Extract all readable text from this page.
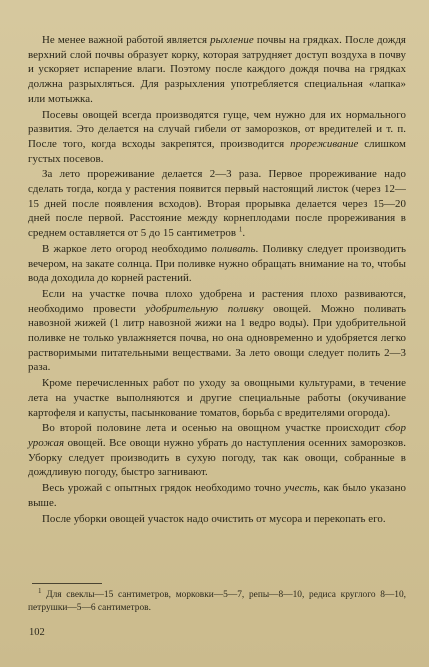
Не менее важной работой является рыхление почвы на грядках. После дождя верхний слой почвы образует корку, которая затрудняет доступ воздуха в почву и ускоряет испарение влаги. Поэтому после каждого дождя почва на грядках должна разрыхляться. Для разрыхления употребляется специальная «лапка» или мотыжка.

Посевы овощей всегда производятся гуще, чем нужно для их нормального развития. Это делается на случай гибели от заморозков, от вредителей и т. п. После того, когда всходы закрепятся, производится прореживание слишком густых посевов.

За лето прореживание делается 2—3 раза. Первое прореживание надо сделать тогда, когда у растения появится первый настоящий листок (через 12—15 дней после появления всходов). Вторая прорывка делается через 15—20 дней после первой. Расстояние между корнеплодами после прореживания в среднем оставляется от 5 до 15 сантиметров $^1$.

В жаркое лето огород необходимо поливать. Поливку следует производить вечером, на закате солнца. При поливке нужно обращать внимание на то, чтобы вода доходила до корней растений.

Если на участке почва плохо удобрена и растения плохо развиваются, необходимо провести удобрительную поливку овощей. Можно поливать навозной жижей (1 литр навозной жижи на 1 ведро воды). При удобрительной поливке не только увлажняется почва, но она одновременно и удобряется легко растворимыми питательными веществами. За лето овощи следует полить 2—3 раза.

Кроме перечисленных работ по уходу за овощными культурами, в течение лета на участке выполняются и другие специальные работы (окучивание картофеля и капусты, пасынкование томатов, борьба с вредителями огорода).

Во второй половине лета и осенью на овощном участке происходит сбор урожая овощей. Все овощи нужно убрать до наступления осенних заморозков. Уборку следует производить в сухую погоду, так как овощи, собранные в дождливую погоду, быстро загнивают.

Весь урожай с опытных грядок необходимо точно учесть, как было указано выше.

После уборки овощей участок надо очистить от мусора и перекопать его.

$^1$ Для свеклы—15 сантиметров, морковки—5—7, репы—8—10, редиса круглого 8—10, петрушки—5—6 сантиметров.

102
